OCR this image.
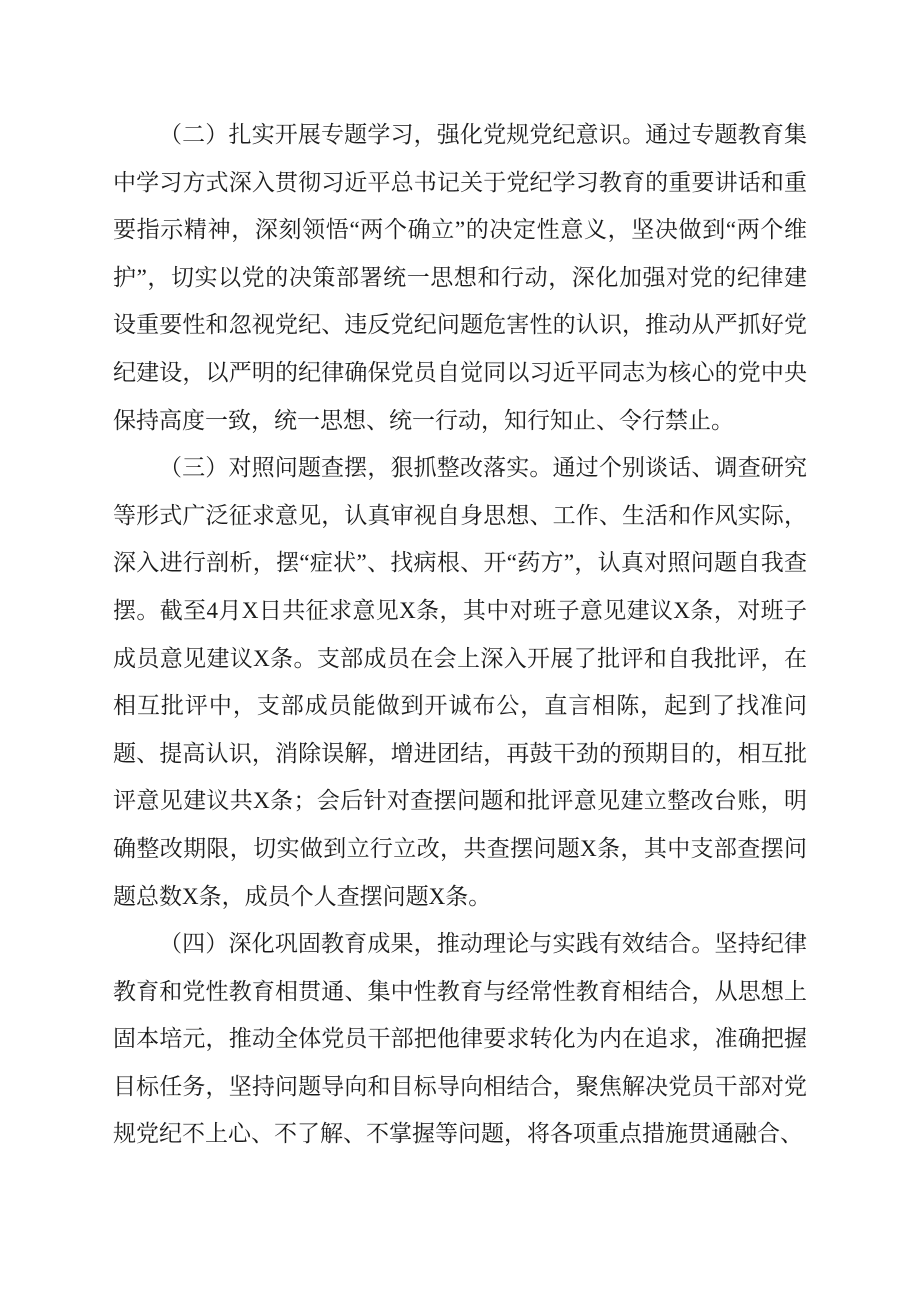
（二）扎实开展专题学习，强化党规党纪意识。通过专题教育集中学习方式深入贯彻习近平总书记关于党纪学习教育的重要讲话和重要指示精神，深刻领悟“两个确立”的决定性意义，坚决做到“两个维护”，切实以党的决策部署统一思想和行动，深化加强对党的纪律建设重要性和忽视党纪、违反党纪问题危害性的认识，推动从严抓好党纪建设，以严明的纪律确保党员自觉同以习近平同志为核心的党中央保持高度一致，统一思想、统一行动，知行知止、令行禁止。

（三）对照问题查摆，狠抓整改落实。通过个别谈话、调查研究等形式广泛征求意见，认真审视自身思想、工作、生活和作风实际，深入进行剖析，摆“症状”、找病根、开“药方”，认真对照问题自我查摆。截至4月X日共征求意见X条，其中对班子意见建议X条，对班子成员意见建议X条。支部成员在会上深入开展了批评和自我批评，在相互批评中，支部成员能做到开诚布公，直言相陈，起到了找准问题、提高认识，消除误解，增进团结，再鼓干劲的预期目的，相互批评意见建议共X条；会后针对查摆问题和批评意见建立整改台账，明确整改期限，切实做到立行立改，共查摆问题X条，其中支部查摆问题总数X条，成员个人查摆问题X条。

（四）深化巩固教育成果，推动理论与实践有效结合。坚持纪律教育和党性教育相贯通、集中性教育与经常性教育相结合，从思想上固本培元，推动全体党员干部把他律要求转化为内在追求，准确把握目标任务，坚持问题导向和目标导向相结合，聚焦解决党员干部对党规党纪不上心、不了解、不掌握等问题，将各项重点措施贯通融合、
